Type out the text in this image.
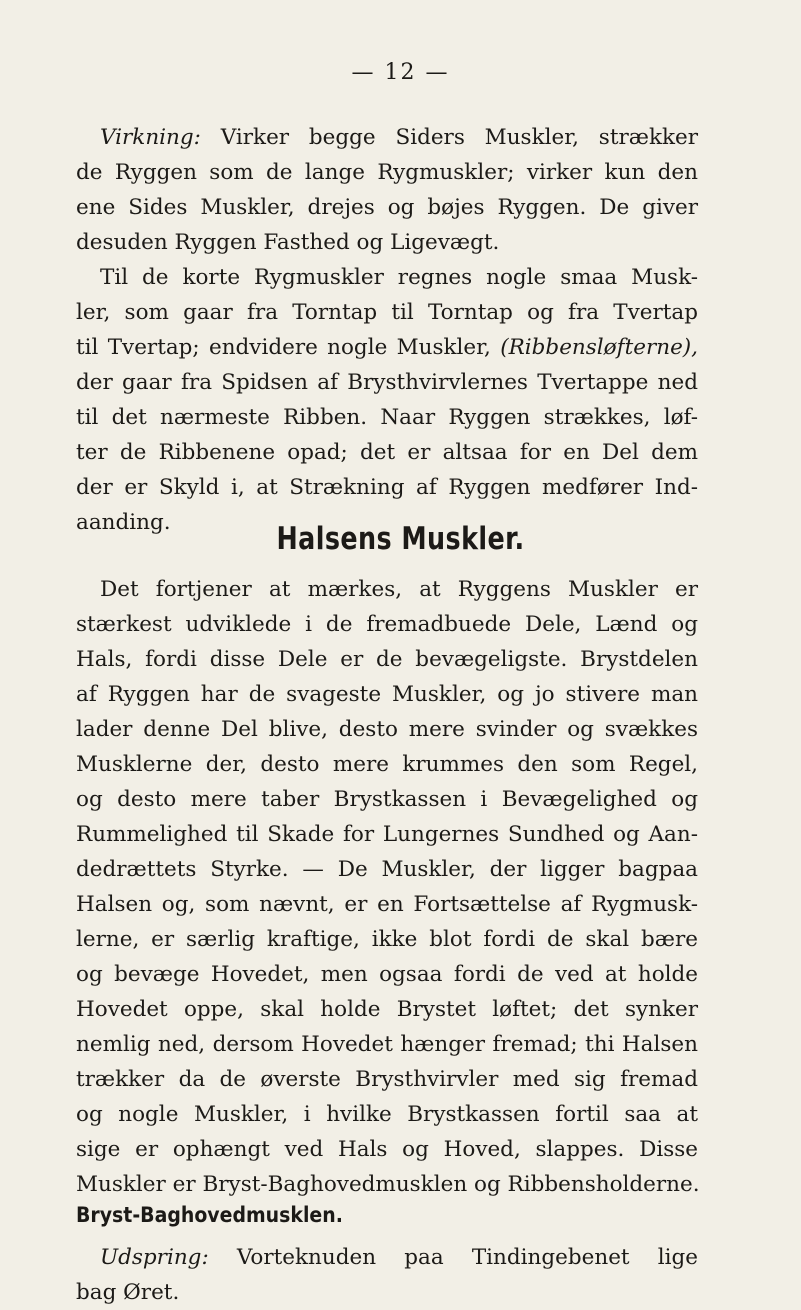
— 12 —
Virkning: Virker begge Siders Muskler, strækker
de Ryggen som de lange Rygmuskler; virker kun den
ene Sides Muskler, drejes og bøjes Ryggen. De giver
desuden Ryggen Fasthed og Ligevægt.
Til de korte Rygmuskler regnes nogle smaa Musk-
ler, som gaar fra Torntap til Torntap og fra Tvertap
til Tvertap; endvidere nogle Muskler, (Ribbensløfterne),
der gaar fra Spidsen af Brysthvirvlernes Tvertappe ned
til det nærmeste Ribben. Naar Ryggen strækkes, løf-
ter de Ribbenene opad; det er altsaa for en Del dem
der er Skyld i, at Strækning af Ryggen medfører Ind-
aanding.	Halsens Muskler.
Det fortjener at mærkes, at Ryggens Muskler er
stærkest udviklede i de fremadbuede Dele, Lænd og
Hals, fordi disse Dele er de bevægeligste. Brystdelen
af Ryggen har de svageste Muskler, og jo stivere man
lader denne Del blive, desto mere svinder og svækkes
Musklerne der, desto mere krummes den som Regel,
og desto mere taber Brystkassen i Bevægelighed og
Rummelighed til Skade for Lungernes Sundhed og Aan-
dedrættets Styrke. — De Muskler, der ligger bagpaa
Halsen og, som nævnt, er en Fortsættelse af Rygmusk-
lerne, er særlig kraftige, ikke blot fordi de skal bære
og bevæge Hovedet, men ogsaa fordi de ved at holde
Hovedet oppe, skal holde Brystet løftet; det synker
nemlig ned, dersom Hovedet hænger fremad; thi Halsen
trækker da de øverste Brysthvirvler med sig fremad
og nogle Muskler, i hvilke Brystkassen fortil saa at
sige er ophængt ved Hals og Hoved, slappes. Disse
Muskler er Bryst-Baghovedmusklen og Ribbensholderne.
Bryst-Baghovedmusklen.
Udspring: Vorteknuden paa Tindingebenet lige
bag Øret.
